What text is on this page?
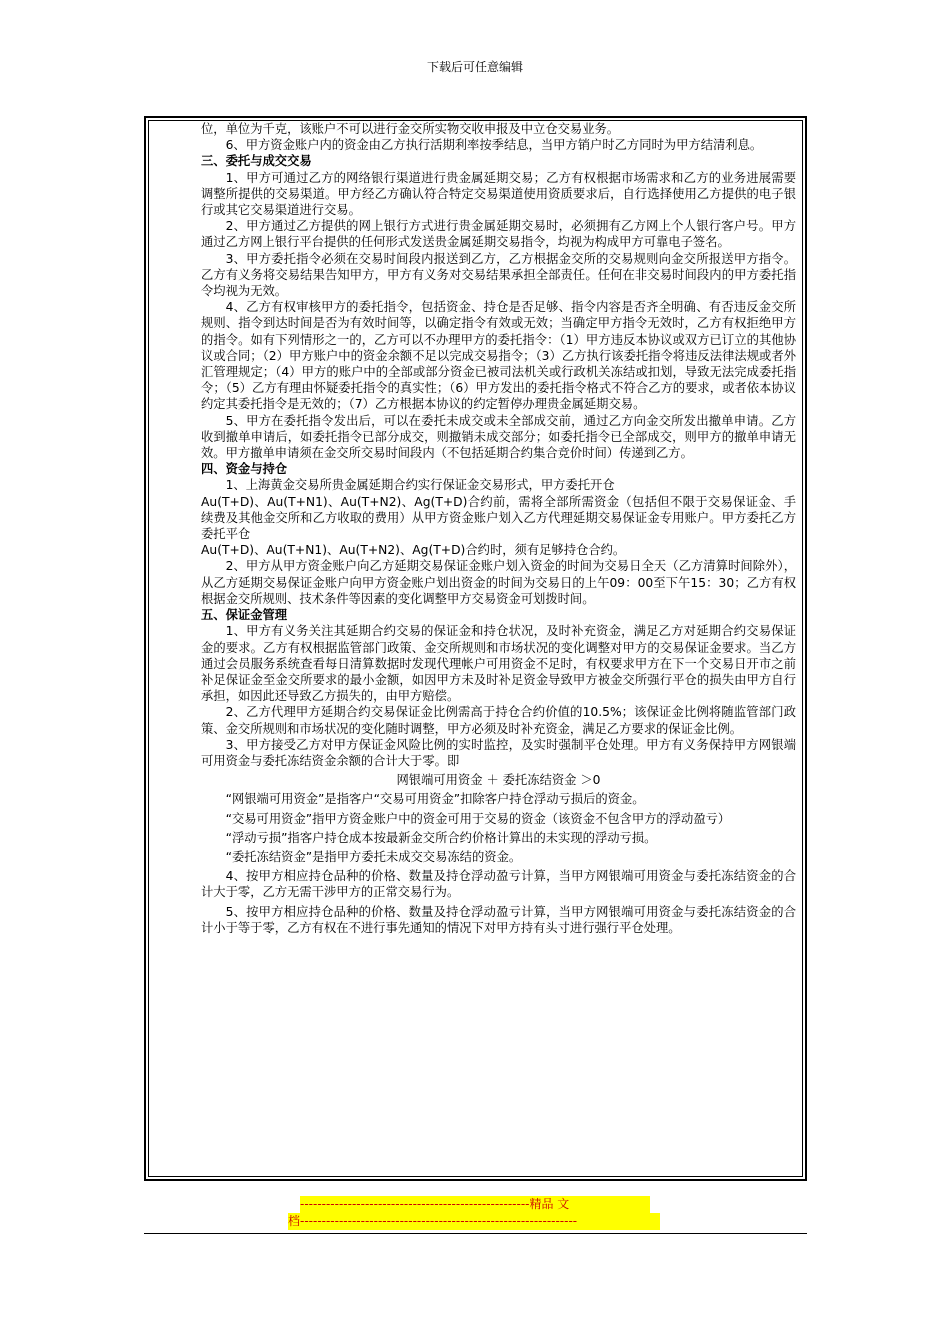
下载后可任意编辑

位，单位为千克，该账户不可以进行金交所实物交收申报及中立仓交易业务。

6、甲方资金账户内的资金由乙方执行活期利率按季结息，当甲方销户时乙方同时为甲方结清利息。

三、委托与成交交易

1、甲方可通过乙方的网络银行渠道进行贵金属延期交易；乙方有权根据市场需求和乙方的业务进展需要调整所提供的交易渠道。甲方经乙方确认符合特定交易渠道使用资质要求后，自行选择使用乙方提供的电子银行或其它交易渠道进行交易。

2、甲方通过乙方提供的网上银行方式进行贵金属延期交易时，必须拥有乙方网上个人银行客户号。甲方通过乙方网上银行平台提供的任何形式发送贵金属延期交易指令，均视为构成甲方可靠电子签名。

3、甲方委托指令必须在交易时间段内报送到乙方，乙方根据金交所的交易规则向金交所报送甲方指令。乙方有义务将交易结果告知甲方，甲方有义务对交易结果承担全部责任。任何在非交易时间段内的甲方委托指令均视为无效。

4、乙方有权审核甲方的委托指令，包括资金、持仓是否足够、指令内容是否齐全明确、有否违反金交所规则、指令到达时间是否为有效时间等，以确定指令有效或无效；当确定甲方指令无效时，乙方有权拒绝甲方的指令。如有下列情形之一的，乙方可以不办理甲方的委托指令：（1）甲方违反本协议或双方已订立的其他协议或合同；（2）甲方账户中的资金余额不足以完成交易指令；（3）乙方执行该委托指令将违反法律法规或者外汇管理规定；（4）甲方的账户中的全部或部分资金已被司法机关或行政机关冻结或扣划，导致无法完成委托指令；（5）乙方有理由怀疑委托指令的真实性；（6）甲方发出的委托指令格式不符合乙方的要求，或者依本协议约定其委托指令是无效的；（7）乙方根据本协议的约定暂停办理贵金属延期交易。

5、甲方在委托指令发出后，可以在委托未成交或未全部成交前，通过乙方向金交所发出撤单申请。乙方收到撤单申请后，如委托指令已部分成交，则撤销未成交部分；如委托指令已全部成交，则甲方的撤单申请无效。甲方撤单申请须在金交所交易时间段内（不包括延期合约集合竞价时间）传递到乙方。

四、资金与持仓

1、上海黄金交易所贵金属延期合约实行保证金交易形式，甲方委托开仓

Au(T+D)、Au(T+N1)、Au(T+N2)、Ag(T+D)合约前，需将全部所需资金（包括但不限于交易保证金、手续费及其他金交所和乙方收取的费用）从甲方资金账户划入乙方代理延期交易保证金专用账户。甲方委托乙方委托平仓

Au(T+D)、Au(T+N1)、Au(T+N2)、Ag(T+D)合约时，须有足够持仓合约。

2、甲方从甲方资金账户向乙方延期交易保证金账户划入资金的时间为交易日全天（乙方清算时间除外），从乙方延期交易保证金账户向甲方资金账户划出资金的时间为交易日的上午09：00至下午15：30；乙方有权根据金交所规则、技术条件等因素的变化调整甲方交易资金可划拨时间。

五、保证金管理

1、甲方有义务关注其延期合约交易的保证金和持仓状况，及时补充资金，满足乙方对延期合约交易保证金的要求。乙方有权根据监管部门政策、金交所规则和市场状况的变化调整对甲方的交易保证金要求。当乙方通过会员服务系统查看每日清算数据时发现代理帐户可用资金不足时，有权要求甲方在下一个交易日开市之前补足保证金至金交所要求的最小金额，如因甲方未及时补足资金导致甲方被金交所强行平仓的损失由甲方自行承担，如因此还导致乙方损失的，由甲方赔偿。

2、乙方代理甲方延期合约交易保证金比例需高于持仓合约价值的10.5%；该保证金比例将随监管部门政策、金交所规则和市场状况的变化随时调整，甲方必须及时补充资金，满足乙方要求的保证金比例。

3、甲方接受乙方对甲方保证金风险比例的实时监控，及实时强制平仓处理。甲方有义务保持甲方网银端可用资金与委托冻结资金余额的合计大于零。即

网银端可用资金 ＋ 委托冻结资金 ＞0

“网银端可用资金”是指客户“交易可用资金”扣除客户持仓浮动亏损后的资金。

“交易可用资金”指甲方资金账户中的资金可用于交易的资金（该资金不包含甲方的浮动盈亏）

“浮动亏损”指客户持仓成本按最新金交所合约价格计算出的未实现的浮动亏损。

“委托冻结资金”是指甲方委托未成交交易冻结的资金。

4、按甲方相应持仓品种的价格、数量及持仓浮动盈亏计算，当甲方网银端可用资金与委托冻结资金的合计大于零，乙方无需干涉甲方的正常交易行为。

5、按甲方相应持仓品种的价格、数量及持仓浮动盈亏计算，当甲方网银端可用资金与委托冻结资金的合计小于等于零，乙方有权在不进行事先通知的情况下对甲方持有头寸进行强行平仓处理。

-----------------------------------------------------精品 文
档----------------------------------------------------------------
